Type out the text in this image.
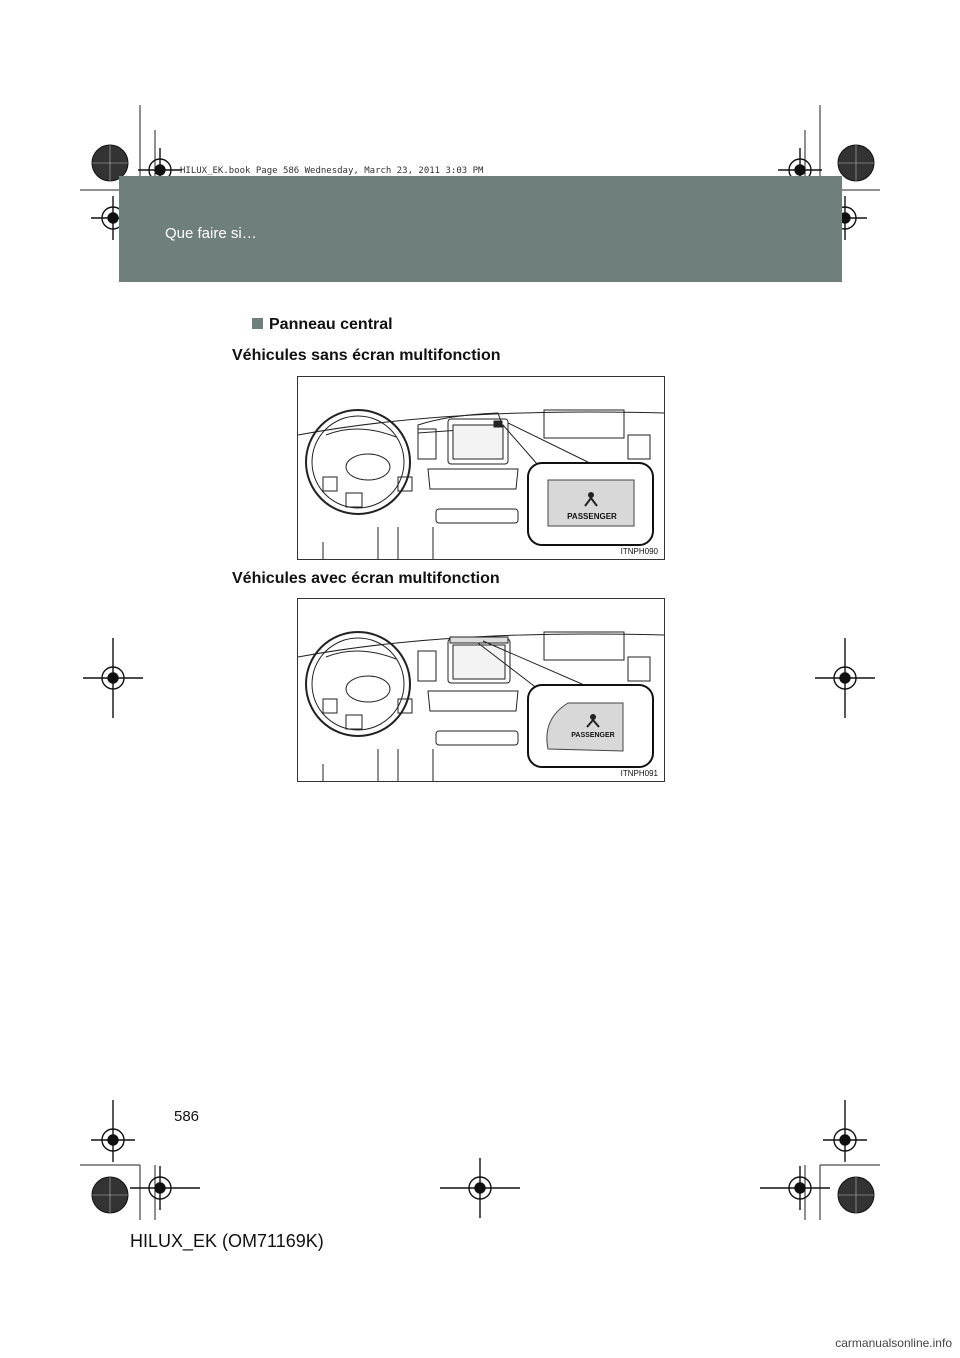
Que faire si…
HILUX_EK.book Page 586 Wednesday, March 23, 2011 3:03 PM
Panneau central
Véhicules sans écran multifonction
PASSENGER
ITNPH090
Véhicules avec écran multifonction
PASSENGER
ITNPH091
586
HILUX_EK (OM71169K)
carmanualsonline.info
